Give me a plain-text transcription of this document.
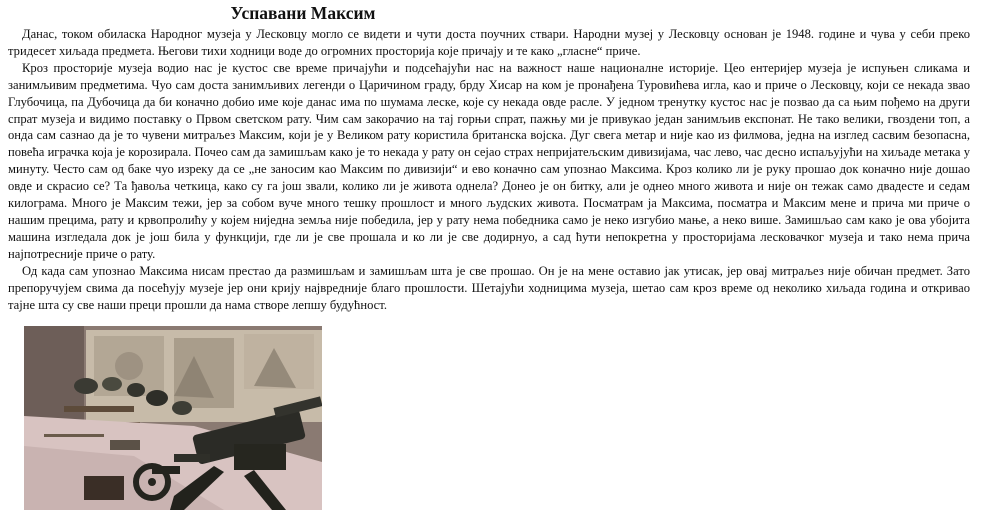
Успавани Максим

Данас, током обиласка Народног музеја у Лесковцу могло се видети и чути доста поучних ствари. Народни музеј у Лесковцу основан је 1948. године и чува у себи преко тридесет хиљада предмета. Његови тихи ходници воде до огромних просторија које причају и те како „гласне“ приче.

Кроз просторије музеја водио нас је кустос све време причајући и подсећајући нас на важност наше националне историје. Цео ентеријер музеја је испуњен сликама и занимљивим предметима. Чуо сам доста занимљивих легенди о Царичином граду, брду Хисар на ком је пронађена Туровићева игла, као и приче о Лесковцу, који се некада звао Глубочица, па Дубочица да би коначно добио име које данас има по шумама леске, које су некада овде расле. У једном тренутку кустос нас је позвао да са њим пођемо на други спрат музеја и видимо поставку о Првом светском рату. Чим сам закорачио на тај горњи спрат, пажњу ми је привукао један занимљив експонат. Не тако велики, гвоздени топ, а онда сам сазнао да је то чувени митраљез Максим, који је у Великом рату користила британска војска. Дуг свега метар и није као из филмова, једна на изглед сасвим безопасна, повећа играчка која је корозирала. Почео сам да замишљам како је то некада у рату он сејао страх непријатељским дивизијама, час лево, час десно испаљујући на хиљаде метака у минуту. Често сам од баке чуо изреку да се „не заносим као Максим по дивизији“ и ево коначно сам упознао Максима. Кроз колико ли је руку прошао док коначно није дошао овде и скрасио се? Та ђавоља четкица, како су га још звали, колико ли је живота однела? Донео је он битку, али је однео много живота и није он тежак само двадесте и седам килограма. Много је Максим тежи, јер за собом вуче много тешку прошлост и много људских живота. Посматрам ја Максима, посматра и Максим мене и прича ми приче о нашим прецима, рату и крвопролићу у којем ниједна земља није победила, јер у рату нема победника само је неко изгубио мање, а неко више. Замишљао сам како је ова убојита машина изгледала док је још била у функцији, где ли је све прошала и ко ли је све додирнуо, а сад ћути непокретна у просторијама лесковачког музеја и тако нема прича најпотресније приче о рату.

Од када сам упознао Максима нисам престао да размишљам и замишљам шта је све прошао. Он је на мене оставио јак утисак, јер овај митраљез није обичан предмет. Зато препоручујем свима да посећују музеје јер они крију највредније благо прошлости. Шетајући ходницима музеја, шетао сам кроз време од неколико хиљада година и откривао тајне шта су све наши преци прошли да нама створе лепшу будућност.
